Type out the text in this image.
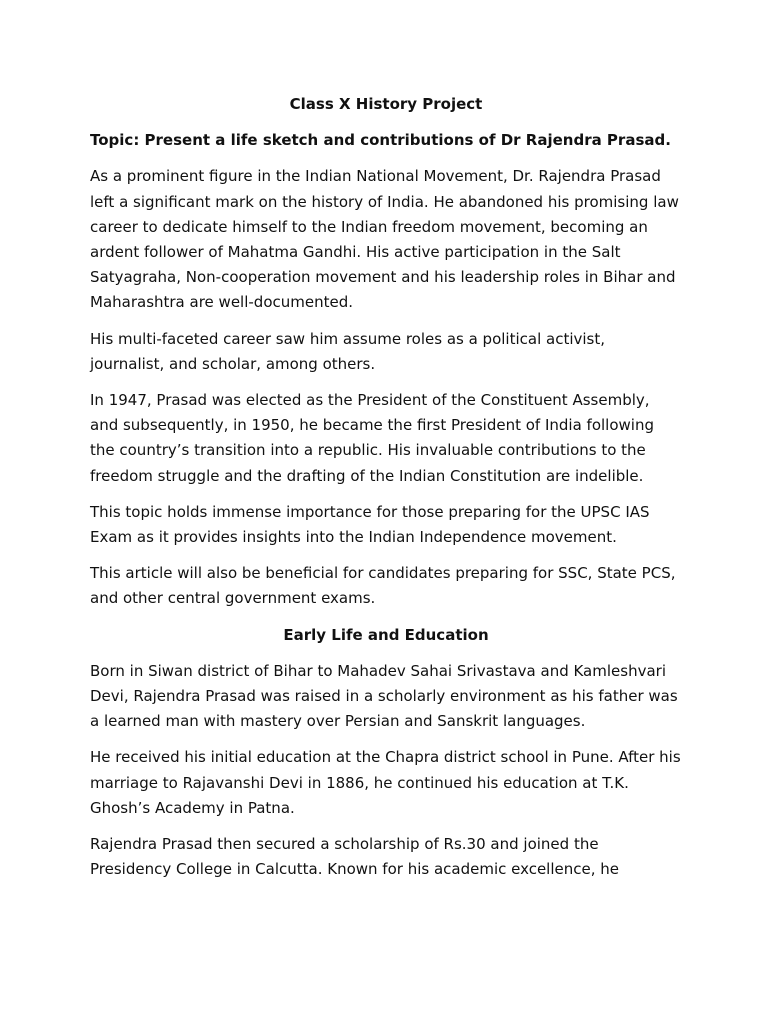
Class X History Project

Topic: Present a life sketch and contributions of Dr Rajendra Prasad.

As a prominent figure in the Indian National Movement, Dr. Rajendra Prasad left a significant mark on the history of India. He abandoned his promising law career to dedicate himself to the Indian freedom movement, becoming an ardent follower of Mahatma Gandhi. His active participation in the Salt Satyagraha, Non-cooperation movement and his leadership roles in Bihar and Maharashtra are well-documented.

His multi-faceted career saw him assume roles as a political activist, journalist, and scholar, among others.

In 1947, Prasad was elected as the President of the Constituent Assembly, and subsequently, in 1950, he became the first President of India following the country’s transition into a republic. His invaluable contributions to the freedom struggle and the drafting of the Indian Constitution are indelible.

This topic holds immense importance for those preparing for the UPSC IAS Exam as it provides insights into the Indian Independence movement.

This article will also be beneficial for candidates preparing for SSC, State PCS, and other central government exams.

Early Life and Education

Born in Siwan district of Bihar to Mahadev Sahai Srivastava and Kamleshvari Devi, Rajendra Prasad was raised in a scholarly environment as his father was a learned man with mastery over Persian and Sanskrit languages.

He received his initial education at the Chapra district school in Pune. After his marriage to Rajavanshi Devi in 1886, he continued his education at T.K. Ghosh’s Academy in Patna.

Rajendra Prasad then secured a scholarship of Rs.30 and joined the Presidency College in Calcutta. Known for his academic excellence, he
